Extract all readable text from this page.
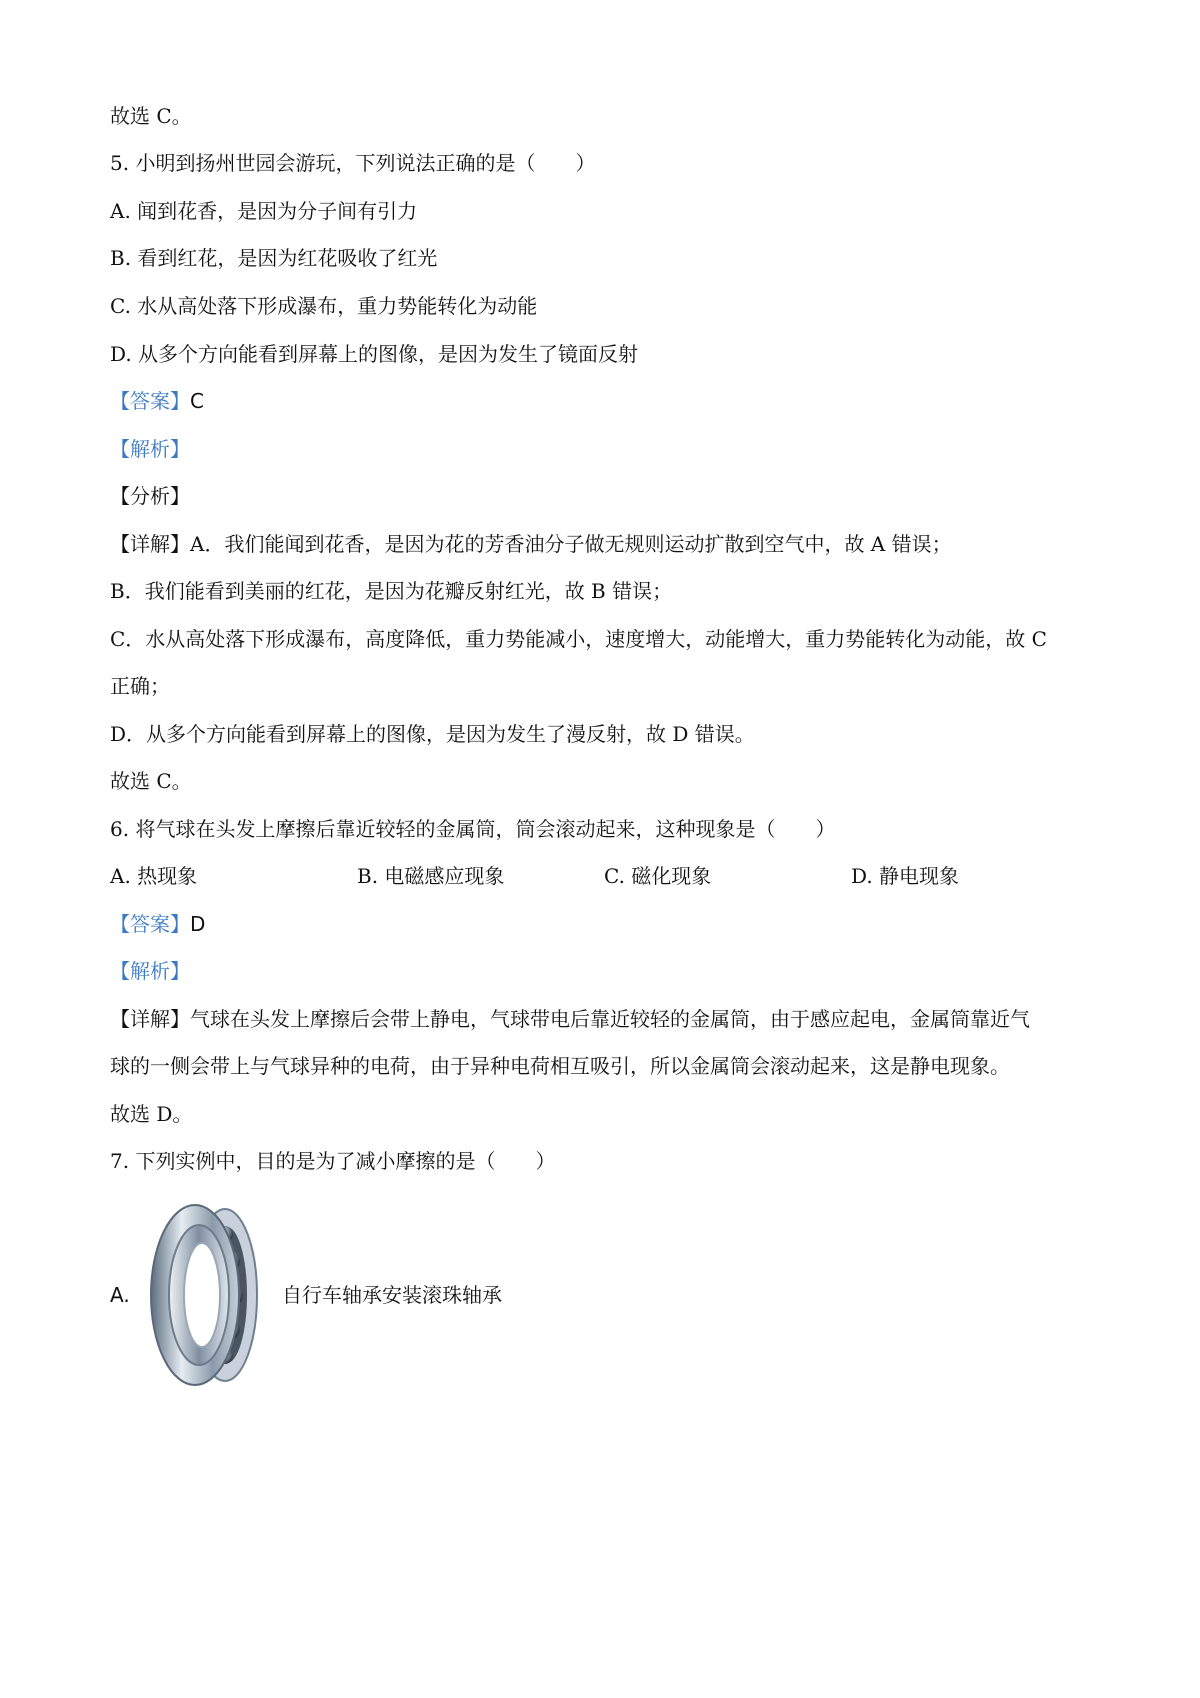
故选 C。
5. 小明到扬州世园会游玩，下列说法正确的是（　　）
A. 闻到花香，是因为分子间有引力
B. 看到红花，是因为红花吸收了红光
C. 水从高处落下形成瀑布，重力势能转化为动能
D. 从多个方向能看到屏幕上的图像，是因为发生了镜面反射
【答案】C
【解析】
【分析】
【详解】A．我们能闻到花香，是因为花的芳香油分子做无规则运动扩散到空气中，故 A 错误；
B．我们能看到美丽的红花，是因为花瓣反射红光，故 B 错误；
C．水从高处落下形成瀑布，高度降低，重力势能减小，速度增大，动能增大，重力势能转化为动能，故 C
正确；
D．从多个方向能看到屏幕上的图像，是因为发生了漫反射，故 D 错误。
故选 C。
6. 将气球在头发上摩擦后靠近较轻的金属筒，筒会滚动起来，这种现象是（　　）
A. 热现象	B. 电磁感应现象	C. 磁化现象	D. 静电现象
【答案】D
【解析】
【详解】气球在头发上摩擦后会带上静电，气球带电后靠近较轻的金属筒，由于感应起电，金属筒靠近气
球的一侧会带上与气球异种的电荷，由于异种电荷相互吸引，所以金属筒会滚动起来，这是静电现象。
故选 D。
7. 下列实例中，目的是为了减小摩擦的是（　　）
A.	自行车轴承安装滚珠轴承
